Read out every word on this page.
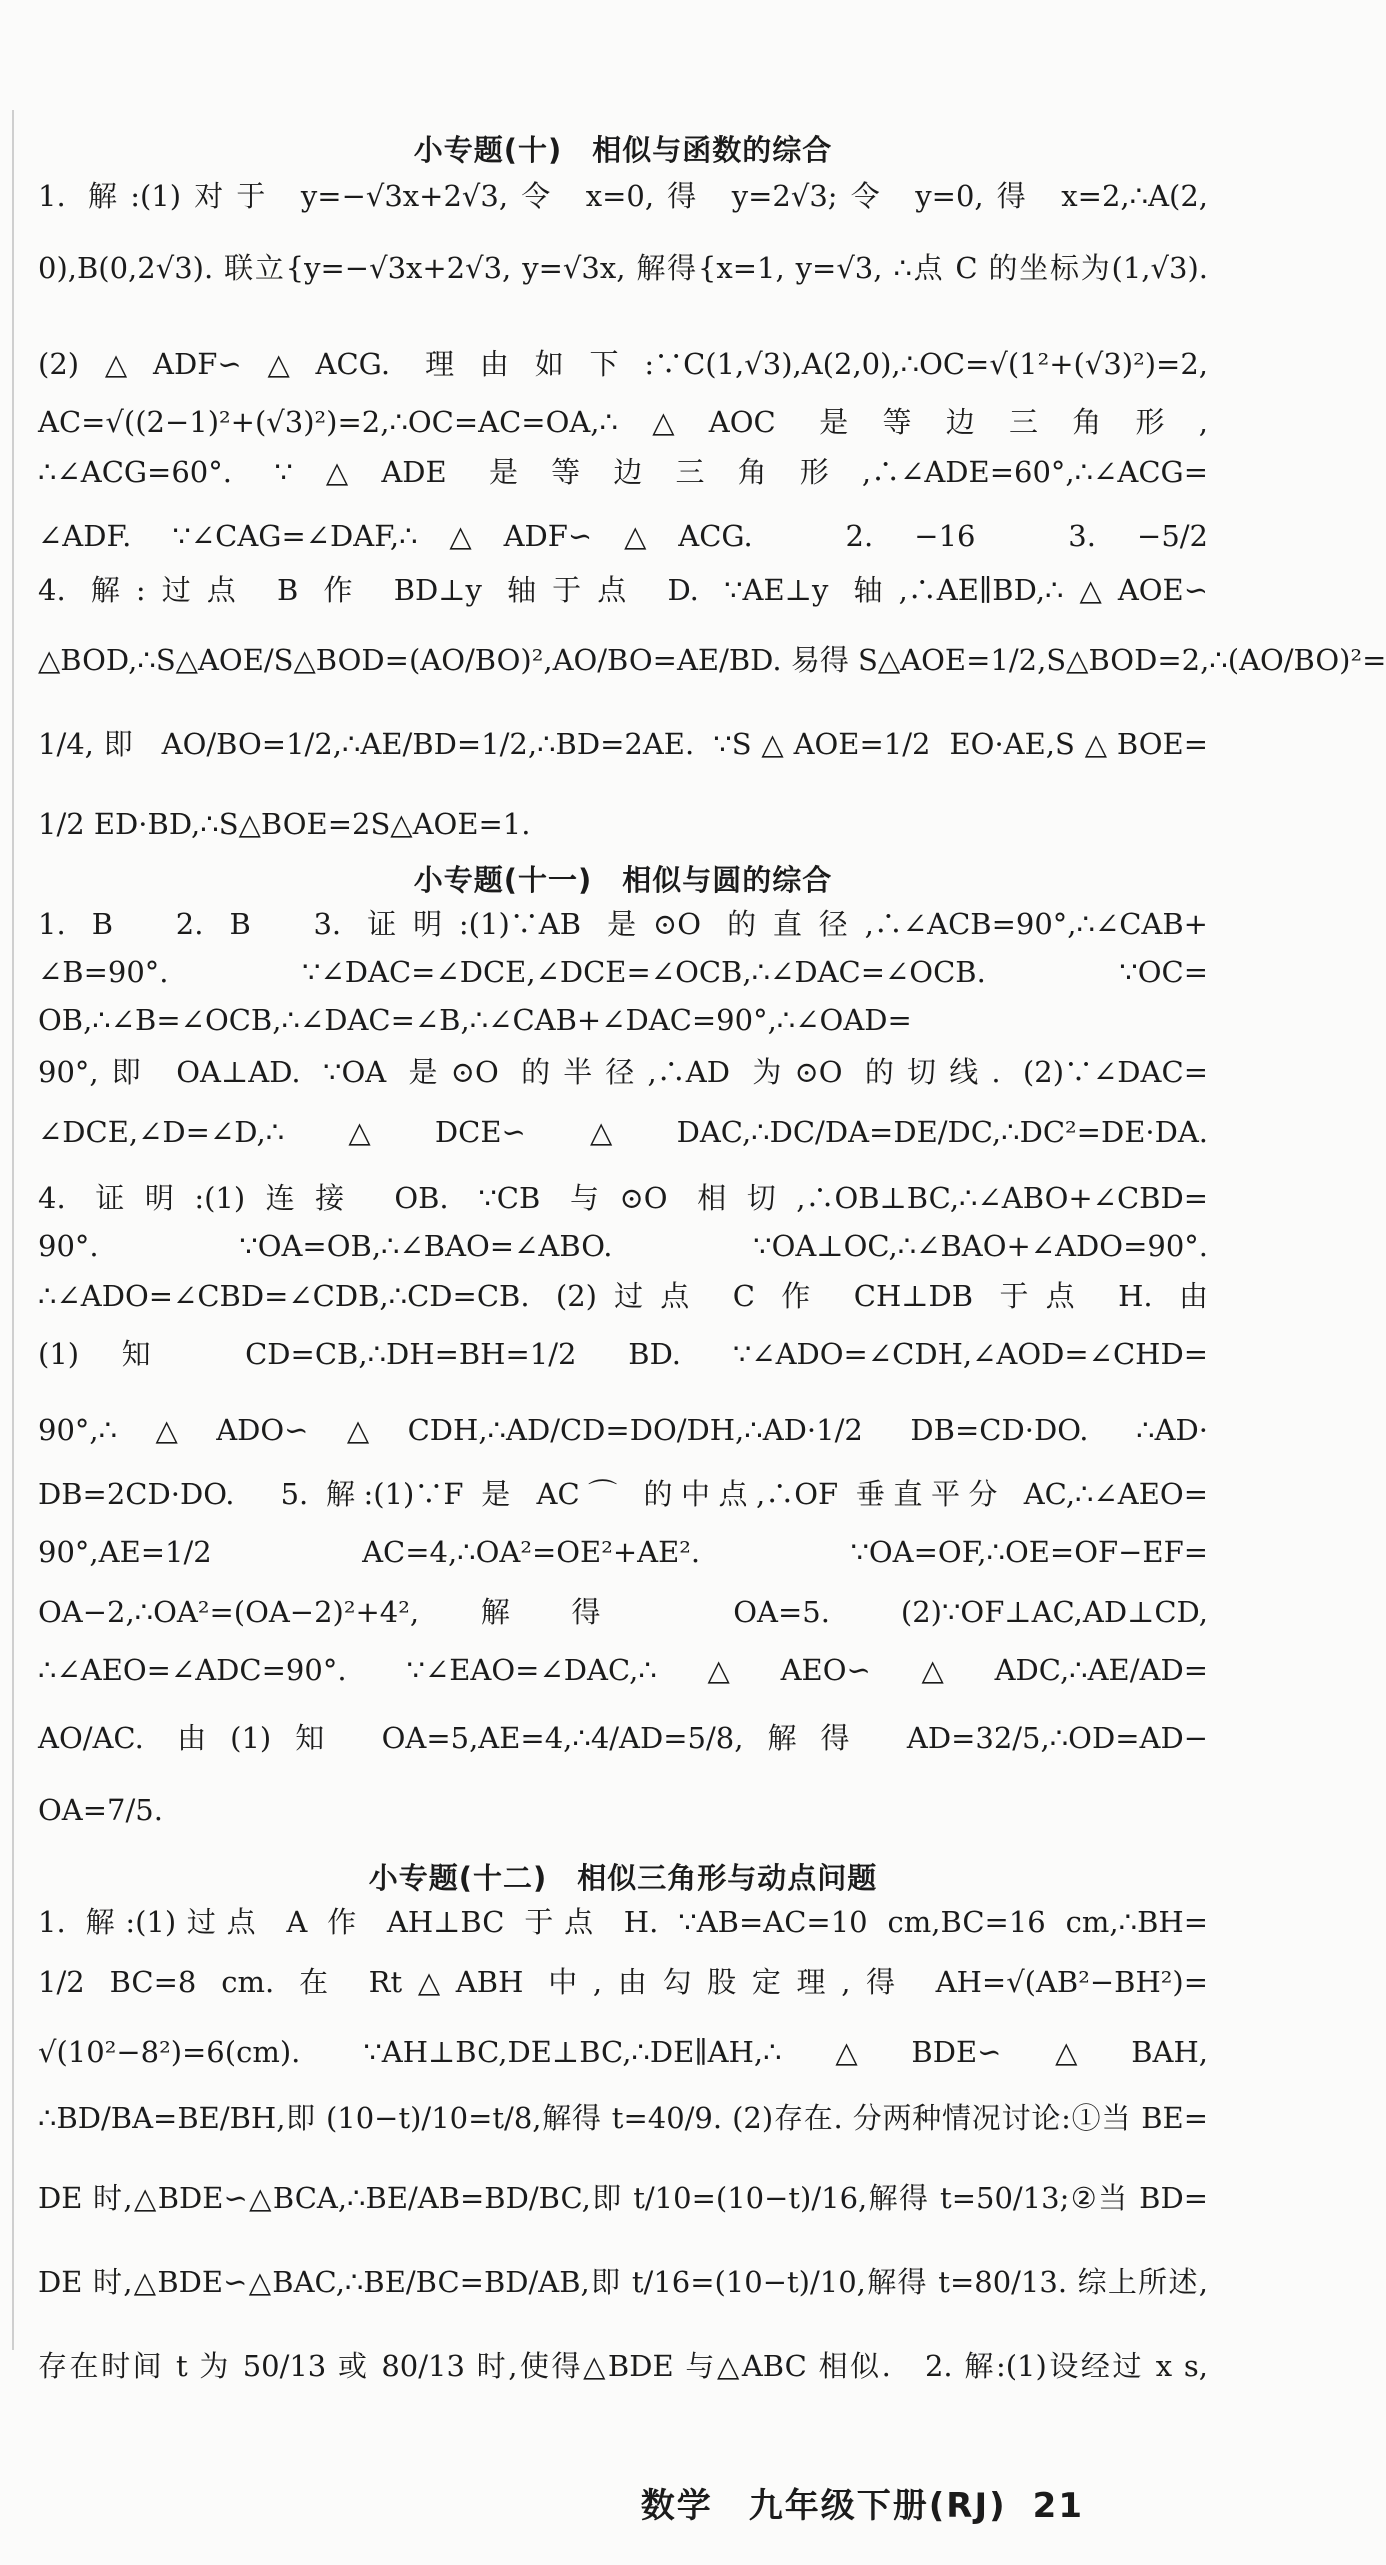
小专题(十)　相似与函数的综合
1. 解:(1)对于 y=−√3x+2√3,令 x=0,得 y=2√3;令 y=0,得 x=2,∴A(2,
0),B(0,2√3). 联立{y=−√3x+2√3, y=√3x, 解得{x=1, y=√3, ∴点 C 的坐标为(1,√3).
(2)△ADF∽△ACG. 理由如下:∵C(1,√3),A(2,0),∴OC=√(1²+(√3)²)=2,
AC=√((2−1)²+(√3)²)=2,∴OC=AC=OA,∴△AOC 是等边三角形,
∴∠ACG=60°. ∵△ADE 是等边三角形,∴∠ADE=60°,∴∠ACG=
∠ADF. ∵∠CAG=∠DAF,∴△ADF∽△ACG.　2. −16　3. −5/2
4. 解:过点 B 作 BD⊥y 轴于点 D. ∵AE⊥y 轴,∴AE∥BD,∴△AOE∽
△BOD,∴S△AOE/S△BOD=(AO/BO)²,AO/BO=AE/BD. 易得 S△AOE=1/2,S△BOD=2,∴(AO/BO)²=
1/4,即 AO/BO=1/2,∴AE/BD=1/2,∴BD=2AE. ∵S△AOE=1/2 EO·AE,S△BOE=
1/2 ED·BD,∴S△BOE=2S△AOE=1.
小专题(十一)　相似与圆的综合
1. B　2. B　3. 证明:(1)∵AB 是⊙O 的直径,∴∠ACB=90°,∴∠CAB+
∠B=90°. ∵∠DAC=∠DCE,∠DCE=∠OCB,∴∠DAC=∠OCB. ∵OC=
OB,∴∠B=∠OCB,∴∠DAC=∠B,∴∠CAB+∠DAC=90°,∴∠OAD=
90°,即 OA⊥AD. ∵OA 是⊙O 的半径,∴AD 为⊙O 的切线. (2)∵∠DAC=
∠DCE,∠D=∠D,∴△DCE∽△DAC,∴DC/DA=DE/DC,∴DC²=DE·DA.
4. 证明:(1)连接 OB. ∵CB 与⊙O 相切,∴OB⊥BC,∴∠ABO+∠CBD=
90°. ∵OA=OB,∴∠BAO=∠ABO. ∵OA⊥OC,∴∠BAO+∠ADO=90°.
∴∠ADO=∠CBD=∠CDB,∴CD=CB. (2)过点 C 作 CH⊥DB 于点 H. 由
(1)知 CD=CB,∴DH=BH=1/2 BD. ∵∠ADO=∠CDH,∠AOD=∠CHD=
90°,∴△ADO∽△CDH,∴AD/CD=DO/DH,∴AD·1/2 DB=CD·DO. ∴AD·
DB=2CD·DO.　5. 解:(1)∵F 是 AC⌒ 的中点,∴OF 垂直平分 AC,∴∠AEO=
90°,AE=1/2 AC=4,∴OA²=OE²+AE². ∵OA=OF,∴OE=OF−EF=
OA−2,∴OA²=(OA−2)²+4²,解得 OA=5. (2)∵OF⊥AC,AD⊥CD,
∴∠AEO=∠ADC=90°. ∵∠EAO=∠DAC,∴△AEO∽△ADC,∴AE/AD=
AO/AC. 由(1)知 OA=5,AE=4,∴4/AD=5/8,解得 AD=32/5,∴OD=AD−
OA=7/5.
小专题(十二)　相似三角形与动点问题
1. 解:(1)过点 A 作 AH⊥BC 于点 H. ∵AB=AC=10 cm,BC=16 cm,∴BH=
1/2 BC=8 cm. 在 Rt△ABH 中,由勾股定理,得 AH=√(AB²−BH²)=
√(10²−8²)=6(cm). ∵AH⊥BC,DE⊥BC,∴DE∥AH,∴△BDE∽△BAH,
∴BD/BA=BE/BH,即 (10−t)/10=t/8,解得 t=40/9. (2)存在. 分两种情况讨论:①当 BE=
DE 时,△BDE∽△BCA,∴BE/AB=BD/BC,即 t/10=(10−t)/16,解得 t=50/13;②当 BD=
DE 时,△BDE∽△BAC,∴BE/BC=BD/AB,即 t/16=(10−t)/10,解得 t=80/13. 综上所述,
存在时间 t 为 50/13 或 80/13 时,使得△BDE 与△ABC 相似.　2. 解:(1)设经过 x s,
数学　九年级下册(RJ) 21
